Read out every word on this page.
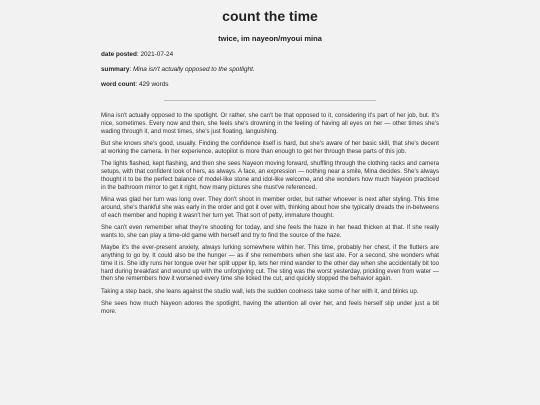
count the time
twice, im nayeon/myoui mina
date posted: 2021-07-24
summary: Mina isn't actually opposed to the spotlight.
word count: 429 words

Mina isn't actually opposed to the spotlight. Or rather, she can't be that opposed to it, considering it's part of her job, but. It's nice, sometimes. Every now and then, she feels she's drowning in the feeling of having all eyes on her — other times she's wading through it, and most times, she's just floating, languishing.

But she knows she's good, usually. Finding the confidence itself is hard, but she's aware of her basic skill, that she's decent at working the camera. In her experience, autopilot is more than enough to get her through these parts of this job.

The lights flashed, kept flashing, and then she sees Nayeon moving forward, shuffling through the clothing racks and camera setups, with that confident look of hers, as always. A face, an expression — nothing near a smile, Mina decides. She's always thought it to be the perfect balance of model-like stone and idol-like welcome, and she wonders how much Nayeon practiced in the bathroom mirror to get it right, how many pictures she must've referenced.

Mina was glad her turn was long over. They don't shoot in member order, but rather whoever is next after styling. This time around, she's thankful she was early in the order and got it over with, thinking about how she typically dreads the in-betweens of each member and hoping it wasn't her turn yet. That sort of petty, immature thought.

She can't even remember what they're shooting for today, and she feels the haze in her head thicken at that. If she really wants to, she can play a time-old game with herself and try to find the source of the haze.

Maybe it's the ever-present anxiety, always lurking somewhere within her. This time, probably her chest, if the flutters are anything to go by. It could also be the hunger — as if she remembers when she last ate. For a second, she wonders what time it is. She idly runs her tongue over her split upper lip, lets her mind wander to the other day when she accidentally bit too hard during breakfast and wound up with the unforgiving cut. The sting was the worst yesterday, prickling even from water — then she remembers how it worsened every time she licked the cut, and quickly stopped the behavior again.

Taking a step back, she leans against the studio wall, lets the sudden coolness take some of her with it, and blinks up.

She sees how much Nayeon adores the spotlight, having the attention all over her, and feels herself slip under just a bit more.
